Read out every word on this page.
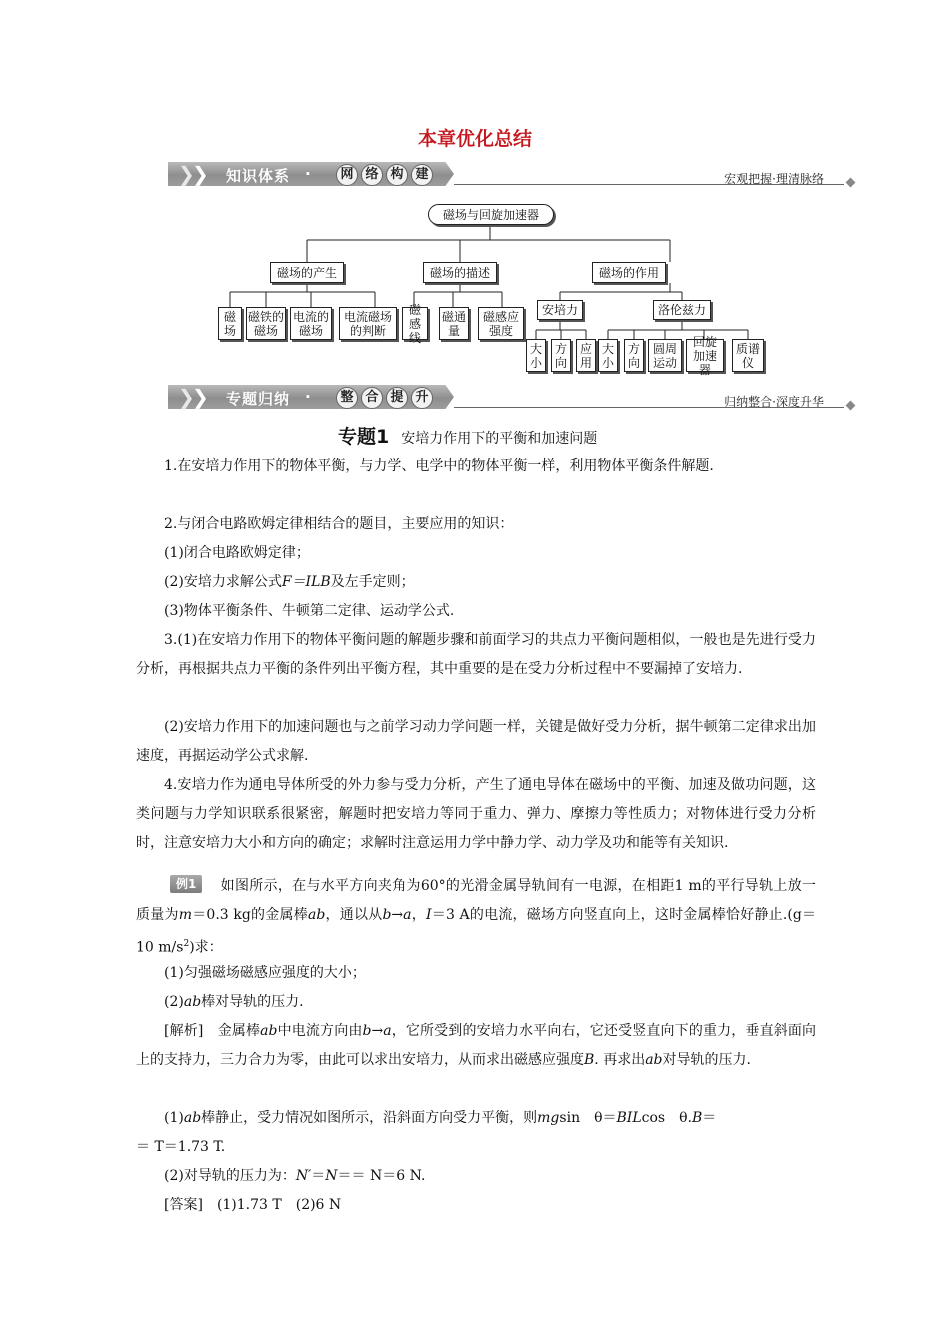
本章优化总结
❯
❯ 知识体系 ·	网 络 构 建	宏观把握·理清脉络
磁场与回旋加速器
磁场的产生	磁场的描述	磁场的作用
磁场
磁铁的磁场
电流的磁场
电流磁场的判断
磁感线
磁通量
磁感应强度
安培力	洛伦兹力
大小
方向
应用
大小
方向
圆周运动
回旋加速器
质谱仪
❯
❯ 专题归纳 ·	整 合 提 升	归纳整合·深度升华
专题1 安培力作用下的平衡和加速问题
1.在安培力作用下的物体平衡，与力学、电学中的物体平衡一样，利用物体平衡条件解题.
2.与闭合电路欧姆定律相结合的题目，主要应用的知识：
(1)闭合电路欧姆定律；
(2)安培力求解公式F＝ILB及左手定则；
(3)物体平衡条件、牛顿第二定律、运动学公式.
3.(1)在安培力作用下的物体平衡问题的解题步骤和前面学习的共点力平衡问题相似，一般也是先进行受力分析，再根据共点力平衡的条件列出平衡方程，其中重要的是在受力分析过程中不要漏掉了安培力.
(2)安培力作用下的加速问题也与之前学习动力学问题一样，关键是做好受力分析，据牛顿第二定律求出加速度，再据运动学公式求解.
4.安培力作为通电导体所受的外力参与受力分析，产生了通电导体在磁场中的平衡、加速及做功问题，这类问题与力学知识联系很紧密，解题时把安培力等同于重力、弹力、摩擦力等性质力；对物体进行受力分析时，注意安培力大小和方向的确定；求解时注意运用力学中静力学、动力学及功和能等有关知识.
例1 如图所示，在与水平方向夹角为60°的光滑金属导轨间有一电源，在相距1 m的平行导轨上放一质量为m＝0.3 kg的金属棒ab，通以从b→a，I＝3 A的电流，磁场方向竖直向上，这时金属棒恰好静止.(g＝10 $m/s^2$)求：
(1)匀强磁场磁感应强度的大小；
(2)ab棒对导轨的压力.
[解析]　 金属棒ab中电流方向由b→a，它所受到的安培力水平向右，它还受竖直向下的重力，垂直斜面向上的支持力，三力合力为零，由此可以求出安培力，从而求出磁感应强度B. 再求出ab对导轨的压力.
(1)ab棒静止，受力情况如图所示，沿斜面方向受力平衡，则mgsin　θ＝BILcos　θ.B＝
＝ T＝1.73 T.
(2)对导轨的压力为：N′＝N＝＝ N＝6 N.
[答案]　 (1)1.73 T　(2)6 N
